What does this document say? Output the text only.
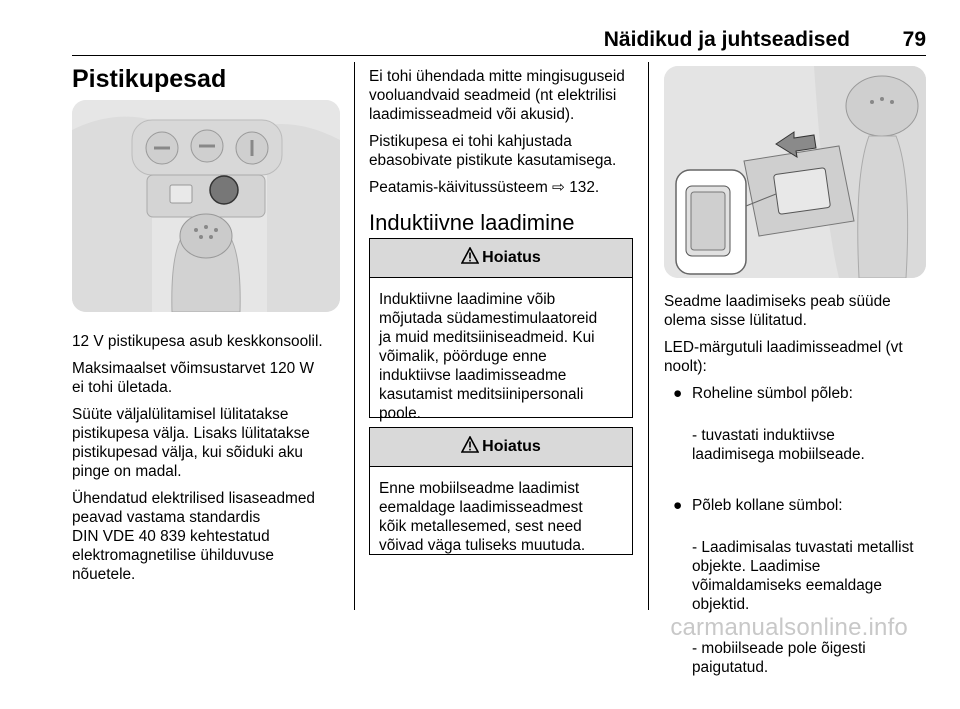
Näidikud ja juhtseadised	79
Pistikupesad

12 V pistikupesa asub keskkonsoolil.

Maksimaalset võimsustarvet 120 W
ei tohi ületada.

Süüte väljalülitamisel lülitatakse
pistikupesa välja. Lisaks lülitatakse
pistikupesad välja, kui sõiduki aku
pinge on madal.

Ühendatud elektrilised lisaseadmed
peavad vastama standardis
DIN VDE 40 839 kehtestatud
elektromagnetilise ühilduvuse
nõuetele.

Ei tohi ühendada mitte mingisuguseid
vooluandvaid seadmeid (nt elektrilisi
laadimisseadmeid või akusid).

Pistikupesa ei tohi kahjustada
ebasobivate pistikute kasutamisega.

Peatamis-käivitussüsteem ⇨ 132.

Induktiivne laadimine
Hoiatus
Induktiivne laadimine võib
mõjutada südamestimulaatoreid
ja muid meditsiiniseadmeid. Kui
võimalik, pöörduge enne
induktiivse laadimisseadme
kasutamist meditsiinipersonali
poole.
Hoiatus
Enne mobiilseadme laadimist
eemaldage laadimisseadmest
kõik metallesemed, sest need
võivad väga tuliseks muutuda.

Seadme laadimiseks peab süüde
olema sisse lülitatud.

LED-märgutuli laadimisseadmel (vt
noolt):

● Roheline sümbol põleb:

- tuvastati induktiivse
laadimisega mobiilseade.

● Põleb kollane sümbol:

- Laadimisalas tuvastati metallist
objekte. Laadimise
võimaldamiseks eemaldage
objektid.

- mobiilseade pole õigesti
paigutatud.

carmanualsonline.info
